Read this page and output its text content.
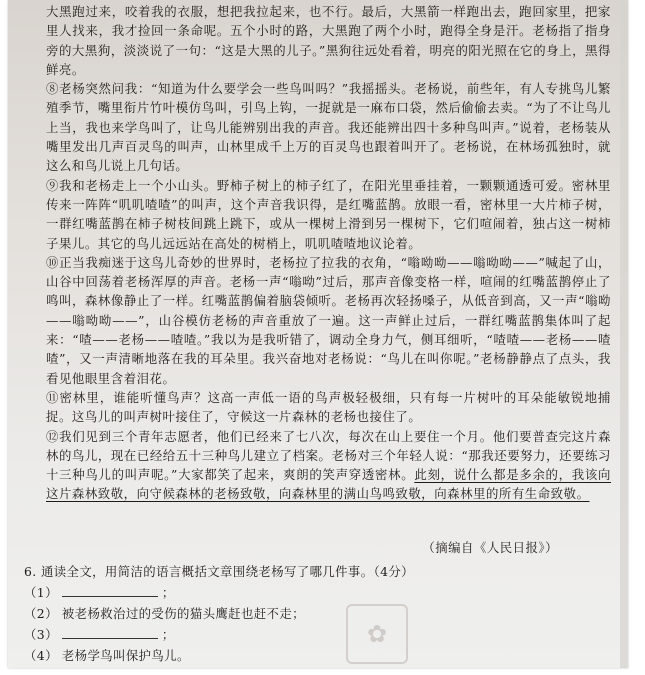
大黑跑过来，咬着我的衣服，想把我拉起来，也不行。最后，大黑箭一样跑出去，跑回家里，把家里人找来，我才捡回一条命呢。五个小时的路，大黑跑了两个小时，跑得全身是汗。老杨指了指身旁的大黑狗，淡淡说了一句：“这是大黑的儿子。”黑狗往远处看着，明亮的阳光照在它的身上，黑得鲜亮。

⑧老杨突然问我：“知道为什么要学会一些鸟叫吗？”我摇摇头。老杨说，前些年，有人专挑鸟儿繁殖季节，嘴里衔片竹叶模仿鸟叫，引鸟上钩，一捉就是一麻布口袋，然后偷偷去卖。“为了不让鸟儿上当，我也来学鸟叫了，让鸟儿能辨别出我的声音。我还能辨出四十多种鸟叫声。”说着，老杨装从嘴里发出几声百灵鸟的叫声，山林里成千上万的百灵鸟也跟着叫开了。老杨说，在林场孤独时，就这么和鸟儿说上几句话。

⑨我和老杨走上一个小山头。野柿子树上的柿子红了，在阳光里垂挂着，一颗颗通透可爱。密林里传来一阵阵“叽叽喳喳”的叫声，这个声音我识得，是红嘴蓝鹊。放眼一看，密林里一大片柿子树，一群红嘴蓝鹊在柿子树枝间跳上跳下，或从一棵树上滑到另一棵树下，它们喧闹着，独占这一树柿子果儿。其它的鸟儿远远站在高处的树梢上，叽叽喳喳地议论着。

⑩正当我痴迷于这鸟儿奇妙的世界时，老杨拉了拉我的衣角，“嗡呦呦——嗡呦呦——”喊起了山，山谷中回荡着老杨浑厚的声音。老杨一声“嗡呦”过后，那声音像变格一样，喧闹的红嘴蓝鹊停止了鸣叫，森林像静止了一样。红嘴蓝鹊偏着脑袋倾听。老杨再次轻扬嗓子，从低音到高，又一声“嗡呦——嗡呦呦——”，山谷模仿老杨的声音重放了一遍。这一声鲜止过后，一群红嘴蓝鹊集体叫了起来：“喳——老杨——喳喳。”我以为是我听错了，调动全身力气，侧耳细听，“喳喳——老杨——喳喳”，又一声清晰地落在我的耳朵里。我兴奋地对老杨说：“鸟儿在叫你呢。”老杨静静点了点头，我看见他眼里含着泪花。

⑪密林里，谁能听懂鸟声？这高一声低一语的鸟声极轻极细，只有每一片树叶的耳朵能敏锐地捕捉。这鸟儿的叫声树叶接住了，守候这一片森林的老杨也接住了。

⑫我们见到三个青年志愿者，他们已经来了七八次，每次在山上要住一个月。他们要普查完这片森林的鸟儿，现在已经给五十三种鸟儿建立了档案。老杨对三个年轻人说：“那我还要努力，还要练习十三种鸟儿的叫声呢。”大家都笑了起来，爽朗的笑声穿透密林。此刻，说什么都是多余的，我该向这片森林致敬，向守候森林的老杨致敬，向森林里的满山鸟鸣致敬，向森林里的所有生命致敬。

（摘编自《人民日报》）
✿
6. 通读全文，用简洁的语言概括文章围绕老杨写了哪几件事。（4分）
（1）	；
（2） 被老杨救治过的受伤的猫头鹰赶也赶不走；
（3）	；
（4） 老杨学鸟叫保护鸟儿。
